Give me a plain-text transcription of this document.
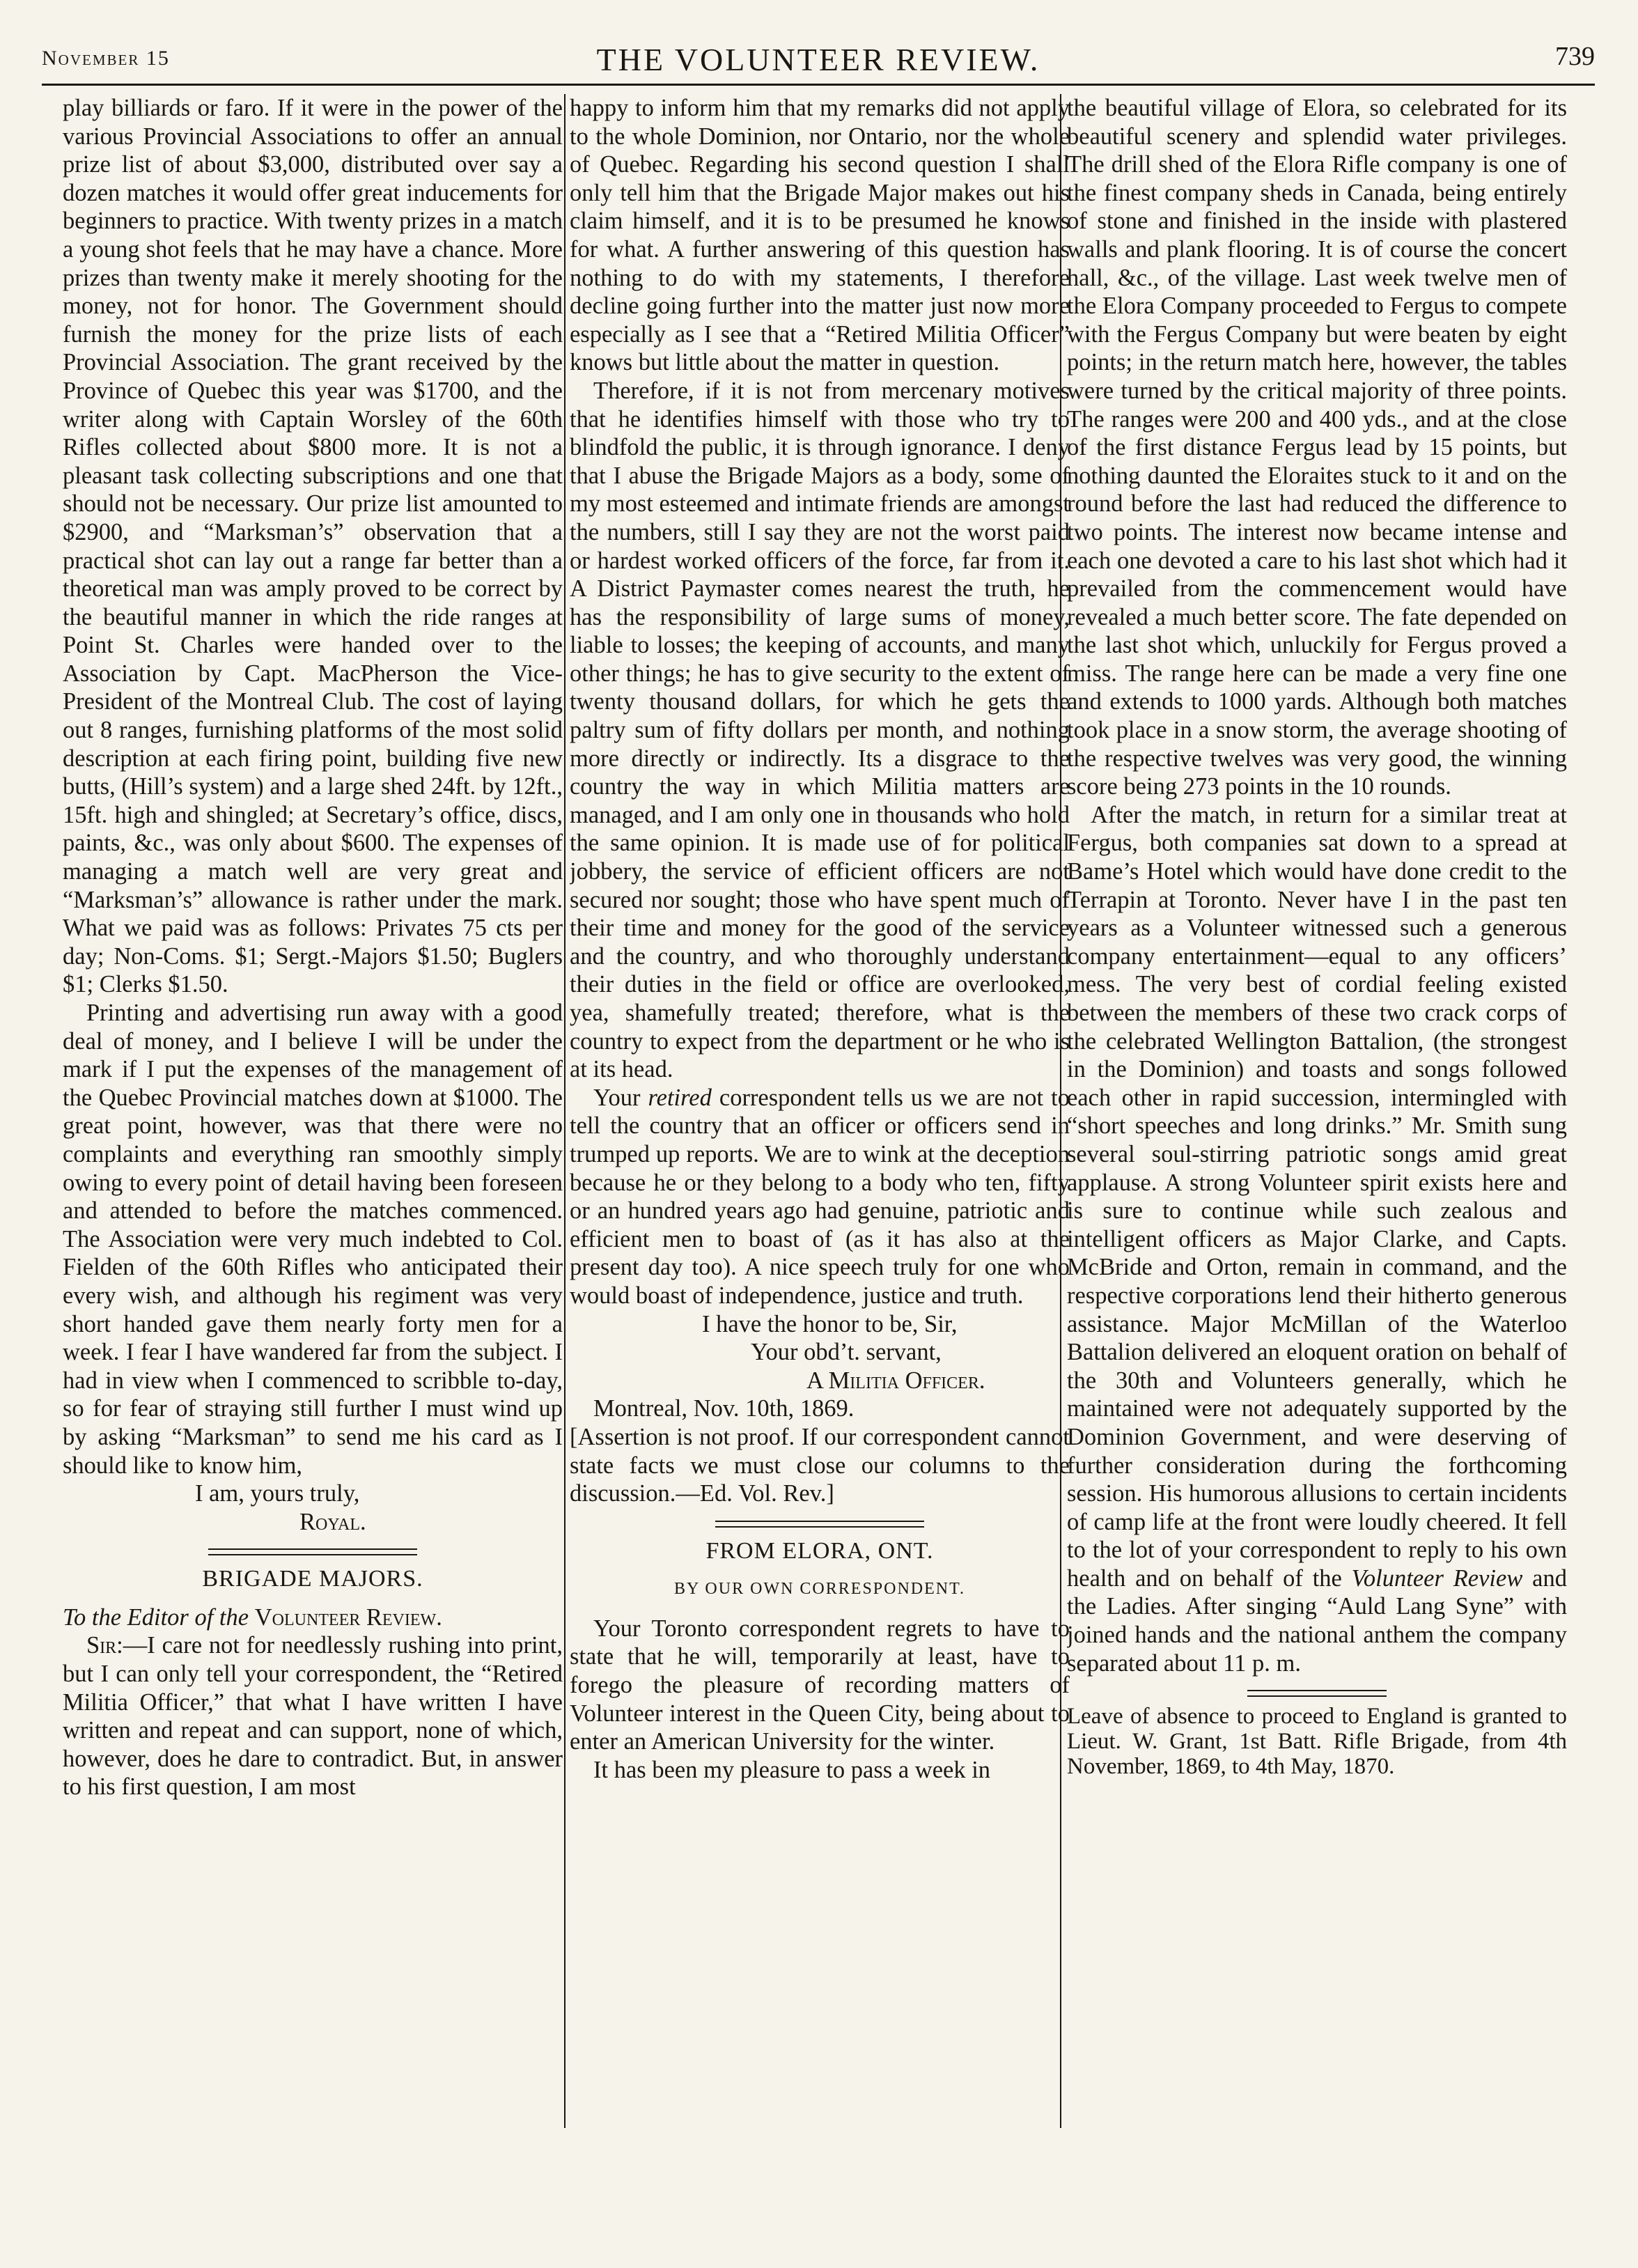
November 15	THE VOLUNTEER REVIEW.	739

play billiards or faro. If it were in the power of the various Provincial Associations to offer an annual prize list of about $3,000, distributed over say a dozen matches it would offer great inducements for beginners to practice. With twenty prizes in a match a young shot feels that he may have a chance. More prizes than twenty make it merely shooting for the money, not for honor. The Government should furnish the money for the prize lists of each Provincial Association. The grant received by the Province of Quebec this year was $1700, and the writer along with Captain Worsley of the 60th Rifles collected about $800 more. It is not a pleasant task collecting subscriptions and one that should not be necessary. Our prize list amounted to $2900, and “Marksman’s” observation that a practical shot can lay out a range far better than a theoretical man was amply proved to be correct by the beautiful manner in which the ride ranges at Point St. Charles were handed over to the Association by Capt. MacPherson the Vice-President of the Montreal Club. The cost of laying out 8 ranges, furnishing platforms of the most solid description at each firing point, building five new butts, (Hill’s system) and a large shed 24ft. by 12ft., 15ft. high and shingled; at Secretary’s office, discs, paints, &c., was only about $600. The expenses of managing a match well are very great and “Marksman’s” allowance is rather under the mark. What we paid was as follows: Privates 75 cts per day; Non-Coms. $1; Sergt.-Majors $1.50; Buglers $1; Clerks $1.50.

Printing and advertising run away with a good deal of money, and I believe I will be under the mark if I put the expenses of the management of the Quebec Provincial matches down at $1000. The great point, however, was that there were no complaints and everything ran smoothly simply owing to every point of detail having been foreseen and attended to before the matches commenced. The Association were very much indebted to Col. Fielden of the 60th Rifles who anticipated their every wish, and although his regiment was very short handed gave them nearly forty men for a week. I fear I have wandered far from the subject. I had in view when I commenced to scribble to-day, so for fear of straying still further I must wind up by asking “Marksman” to send me his card as I should like to know him,

I am, yours truly,

Royal.

BRIGADE MAJORS.

To the Editor of the Volunteer Review.

Sir:—I care not for needlessly rushing into print, but I can only tell your correspondent, the “Retired Militia Officer,” that what I have written I have written and repeat and can support, none of which, however, does he dare to contradict. But, in answer to his first question, I am most

happy to inform him that my remarks did not apply to the whole Dominion, nor Ontario, nor the whole of Quebec. Regarding his second question I shall only tell him that the Brigade Major makes out his claim himself, and it is to be presumed he knows for what. A further answering of this question has nothing to do with my statements, I therefore decline going further into the matter just now more especially as I see that a “Retired Militia Officer” knows but little about the matter in question.

Therefore, if it is not from mercenary motives that he identifies himself with those who try to blindfold the public, it is through ignorance. I deny that I abuse the Brigade Majors as a body, some of my most esteemed and intimate friends are amongst the numbers, still I say they are not the worst paid or hardest worked officers of the force, far from it. A District Paymaster comes nearest the truth, he has the responsibility of large sums of money, liable to losses; the keeping of accounts, and many other things; he has to give security to the extent of twenty thousand dollars, for which he gets the paltry sum of fifty dollars per month, and nothing more directly or indirectly. Its a disgrace to the country the way in which Militia matters are managed, and I am only one in thousands who hold the same opinion. It is made use of for political jobbery, the service of efficient officers are not secured nor sought; those who have spent much of their time and money for the good of the service and the country, and who thoroughly understand their duties in the field or office are overlooked, yea, shamefully treated; therefore, what is the country to expect from the department or he who is at its head.

Your retired correspondent tells us we are not to tell the country that an officer or officers send in trumped up reports. We are to wink at the deception because he or they belong to a body who ten, fifty or an hundred years ago had genuine, patriotic and efficient men to boast of (as it has also at the present day too). A nice speech truly for one who would boast of independence, justice and truth.

I have the honor to be, Sir,
Your obd’t. servant,
A Militia Officer.

Montreal, Nov. 10th, 1869.

[Assertion is not proof. If our correspondent cannot state facts we must close our columns to the discussion.—Ed. Vol. Rev.]

FROM ELORA, ONT.
BY OUR OWN CORRESPONDENT.

Your Toronto correspondent regrets to have to state that he will, temporarily at least, have to forego the pleasure of recording matters of Volunteer interest in the Queen City, being about to enter an American University for the winter.

It has been my pleasure to pass a week in

the beautiful village of Elora, so celebrated for its beautiful scenery and splendid water privileges. The drill shed of the Elora Rifle company is one of the finest company sheds in Canada, being entirely of stone and finished in the inside with plastered walls and plank flooring. It is of course the concert hall, &c., of the village. Last week twelve men of the Elora Company proceeded to Fergus to compete with the Fergus Company but were beaten by eight points; in the return match here, however, the tables were turned by the critical majority of three points. The ranges were 200 and 400 yds., and at the close of the first distance Fergus lead by 15 points, but nothing daunted the Eloraites stuck to it and on the round before the last had reduced the difference to two points. The interest now became intense and each one devoted a care to his last shot which had it prevailed from the commencement would have revealed a much better score. The fate depended on the last shot which, unluckily for Fergus proved a miss. The range here can be made a very fine one and extends to 1000 yards. Although both matches took place in a snow storm, the average shooting of the respective twelves was very good, the winning score being 273 points in the 10 rounds.

After the match, in return for a similar treat at Fergus, both companies sat down to a spread at Bame’s Hotel which would have done credit to the Terrapin at Toronto. Never have I in the past ten years as a Volunteer witnessed such a generous company entertainment—equal to any officers’ mess. The very best of cordial feeling existed between the members of these two crack corps of the celebrated Wellington Battalion, (the strongest in the Dominion) and toasts and songs followed each other in rapid succession, intermingled with “short speeches and long drinks.” Mr. Smith sung several soul-stirring patriotic songs amid great applause. A strong Volunteer spirit exists here and is sure to continue while such zealous and intelligent officers as Major Clarke, and Capts. McBride and Orton, remain in command, and the respective corporations lend their hitherto generous assistance. Major McMillan of the Waterloo Battalion delivered an eloquent oration on behalf of the 30th and Volunteers generally, which he maintained were not adequately supported by the Dominion Government, and were deserving of further consideration during the forthcoming session. His humorous allusions to certain incidents of camp life at the front were loudly cheered. It fell to the lot of your correspondent to reply to his own health and on behalf of the Volunteer Review and the Ladies. After singing “Auld Lang Syne” with joined hands and the national anthem the company separated about 11 p. m.

Leave of absence to proceed to England is granted to Lieut. W. Grant, 1st Batt. Rifle Brigade, from 4th November, 1869, to 4th May, 1870.
